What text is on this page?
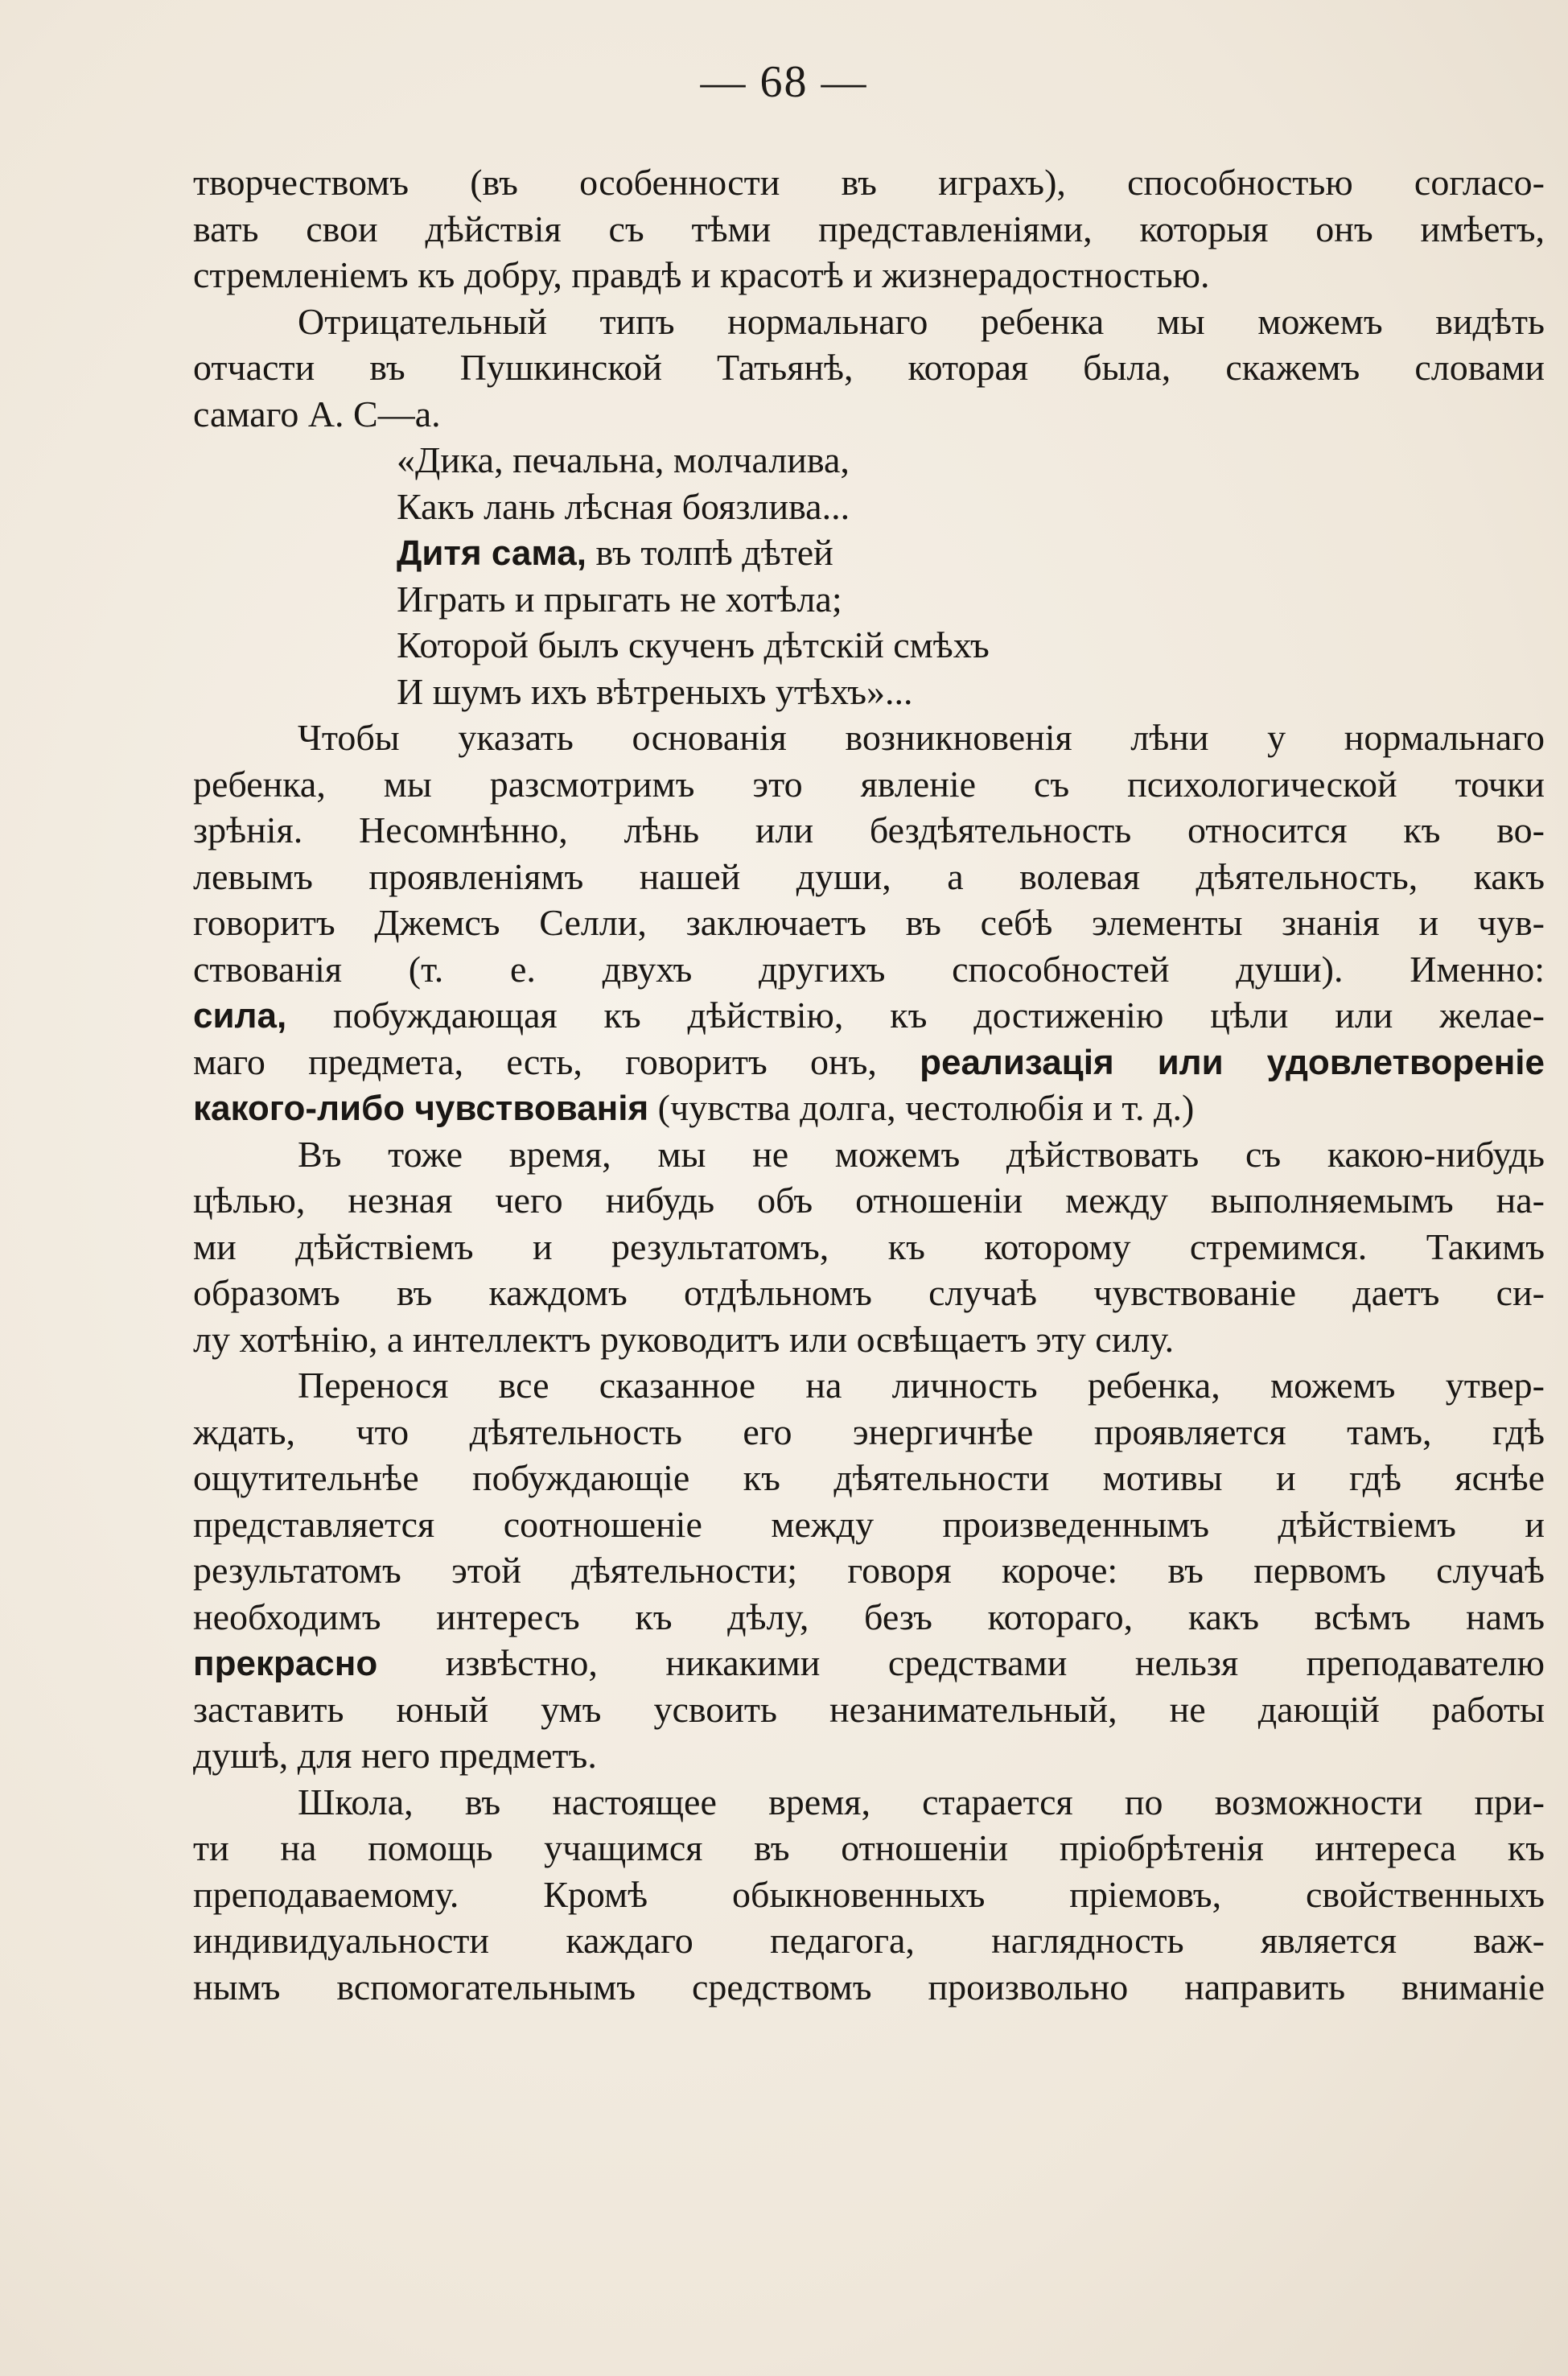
— 68 —
творчествомъ (въ особенности въ играхъ), способностью согласо-
вать свои дѣйствія съ тѣми представленіями, которыя онъ имѣетъ,
стремленіемъ къ добру, правдѣ и красотѣ и жизнерадостностью.
Отрицательный типъ нормальнаго ребенка мы можемъ видѣть
отчасти въ Пушкинской Татьянѣ, которая была, скажемъ словами
самаго А. С—а.
«Дика, печальна, молчалива,
Какъ лань лѣсная боязлива...
Дитя сама, въ толпѣ дѣтей
Играть и прыгать не хотѣла;
Которой былъ скученъ дѣтскій смѣхъ
И шумъ ихъ вѣтреныхъ утѣхъ»...
Чтобы указать основанія возникновенія лѣни у нормальнаго
ребенка, мы разсмотримъ это явленіе съ психологической точки
зрѣнія. Несомнѣнно, лѣнь или бездѣятельность относится къ во-
левымъ проявленіямъ нашей души, а волевая дѣятельность, какъ
говоритъ Джемсъ Селли, заключаетъ въ себѣ элементы знанія и чув-
ствованія (т. е. двухъ другихъ способностей души). Именно:
сила, побуждающая къ дѣйствію, къ достиженію цѣли или желае-
маго предмета, есть, говоритъ онъ, реализація или удовлетвореніе
какого-либо чувствованія (чувства долга, честолюбія и т. д.)
Въ тоже время, мы не можемъ дѣйствовать съ какою-нибудь
цѣлью, незная чего нибудь объ отношеніи между выполняемымъ на-
ми дѣйствіемъ и результатомъ, къ которому стремимся. Такимъ
образомъ въ каждомъ отдѣльномъ случаѣ чувствованіе даетъ си-
лу хотѣнію, а интеллектъ руководитъ или освѣщаетъ эту силу.
Перенося все сказанное на личность ребенка, можемъ утвер-
ждать, что дѣятельность его энергичнѣе проявляется тамъ, гдѣ
ощутительнѣе побуждающіе къ дѣятельности мотивы и гдѣ яснѣе
представляется соотношеніе между произведеннымъ дѣйствіемъ и
результатомъ этой дѣятельности; говоря короче: въ первомъ случаѣ
необходимъ интересъ къ дѣлу, безъ котораго, какъ всѣмъ намъ
прекрасно извѣстно, никакими средствами нельзя преподавателю
заставить юный умъ усвоить незанимательный, не дающій работы
душѣ, для него предметъ.
Школа, въ настоящее время, старается по возможности при-
ти на помощь учащимся въ отношеніи пріобрѣтенія интереса къ
преподаваемому. Кромѣ обыкновенныхъ пріемовъ, свойственныхъ
индивидуальности каждаго педагога, наглядность является важ-
нымъ вспомогательнымъ средствомъ произвольно направить вниманіе
